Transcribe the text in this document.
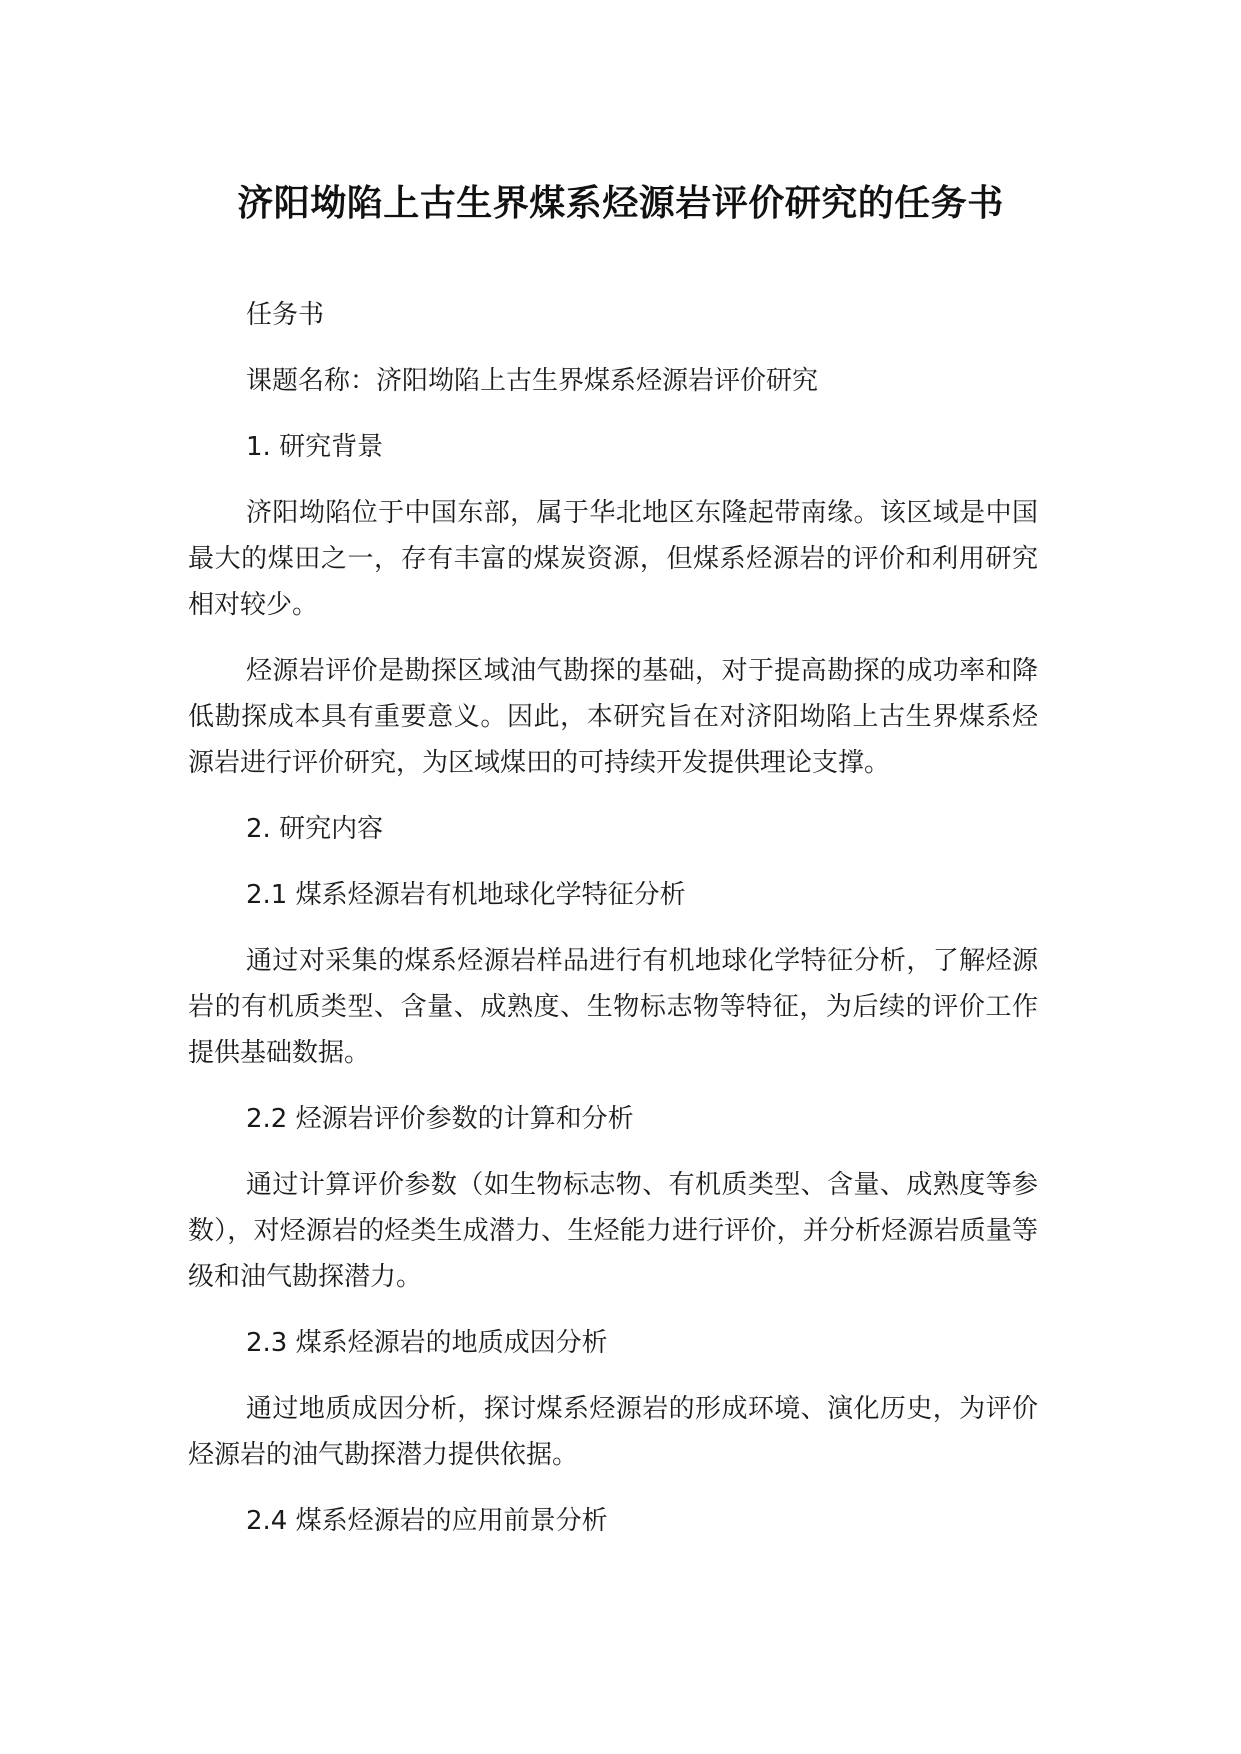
济阳坳陷上古生界煤系烃源岩评价研究的任务书

任务书

课题名称：济阳坳陷上古生界煤系烃源岩评价研究

1. 研究背景

济阳坳陷位于中国东部，属于华北地区东隆起带南缘。该区域是中国最大的煤田之一，存有丰富的煤炭资源，但煤系烃源岩的评价和利用研究相对较少。

烃源岩评价是勘探区域油气勘探的基础，对于提高勘探的成功率和降低勘探成本具有重要意义。因此，本研究旨在对济阳坳陷上古生界煤系烃源岩进行评价研究，为区域煤田的可持续开发提供理论支撑。

2. 研究内容

2.1 煤系烃源岩有机地球化学特征分析

通过对采集的煤系烃源岩样品进行有机地球化学特征分析，了解烃源岩的有机质类型、含量、成熟度、生物标志物等特征，为后续的评价工作提供基础数据。

2.2 烃源岩评价参数的计算和分析

通过计算评价参数（如生物标志物、有机质类型、含量、成熟度等参数），对烃源岩的烃类生成潜力、生烃能力进行评价，并分析烃源岩质量等级和油气勘探潜力。

2.3 煤系烃源岩的地质成因分析

通过地质成因分析，探讨煤系烃源岩的形成环境、演化历史，为评价烃源岩的油气勘探潜力提供依据。

2.4 煤系烃源岩的应用前景分析
